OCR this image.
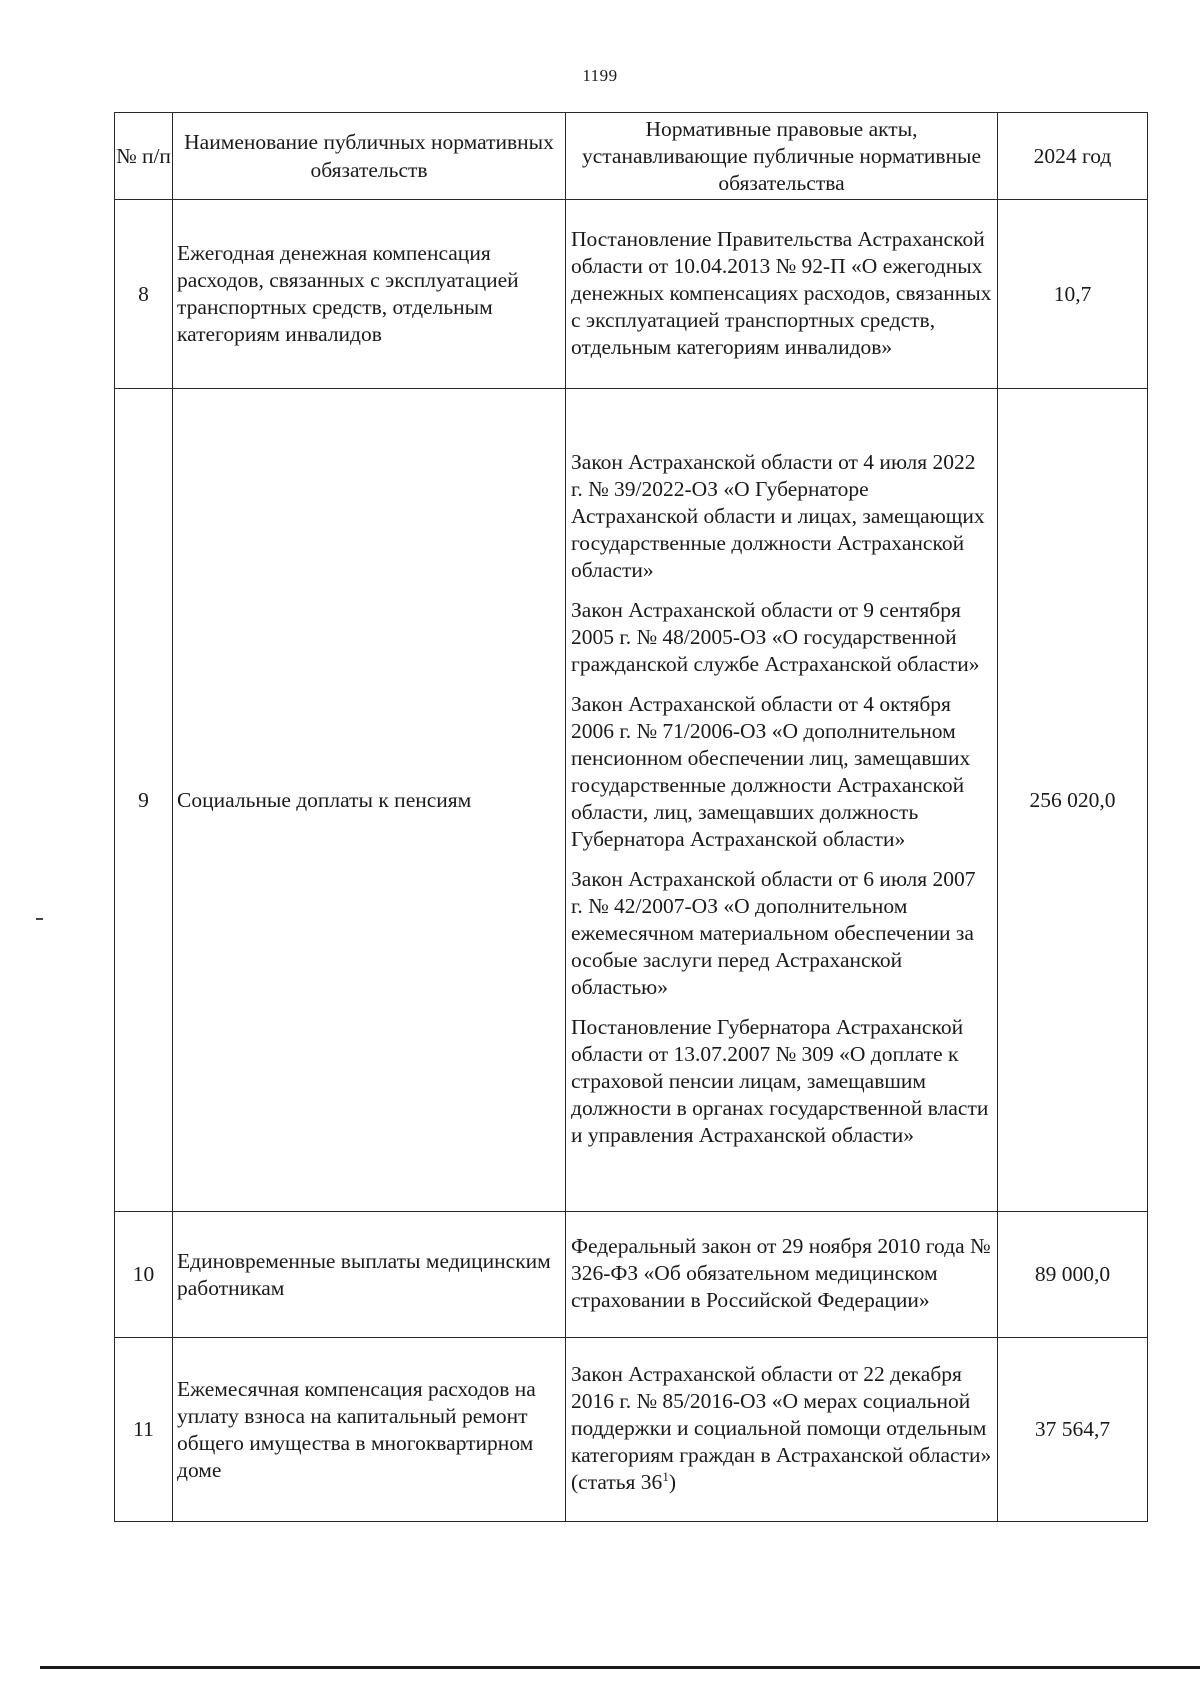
1199
№ п/п	Наименование публичных нормативных обязательств	Нормативные правовые акты, устанавливающие публичные нормативные обязательства	2024 год
8	Ежегодная денежная компенсация расходов, связанных с эксплуатацией транспортных средств, отдельным категориям инвалидов	Постановление Правительства Астраханской области от 10.04.2013 № 92-П «О ежегодных денежных компенсациях расходов, связанных с эксплуатацией транспортных средств, отдельным категориям инвалидов»	10,7
9	Социальные доплаты к пенсиям	Закон Астраханской области от 4 июля 2022 г. № 39/2022-ОЗ «О Губернаторе Астраханской области и лицах, замещающих государственные должности Астраханской области»
Закон Астраханской области от 9 сентября 2005 г. № 48/2005-ОЗ «О государственной гражданской службе Астраханской области»
Закон Астраханской области от 4 октября 2006 г. № 71/2006-ОЗ «О дополнительном пенсионном обеспечении лиц, замещавших государственные должности Астраханской области, лиц, замещавших должность Губернатора Астраханской области»
Закон Астраханской области от 6 июля 2007 г. № 42/2007-ОЗ «О дополнительном ежемесячном материальном обеспечении за особые заслуги перед Астраханской областью»
Постановление Губернатора Астраханской области от 13.07.2007 № 309 «О доплате к страховой пенсии лицам, замещавшим должности в органах государственной власти и управления Астраханской области»	256 020,0
10	Единовременные выплаты медицинским работникам	Федеральный закон от 29 ноября 2010 года № 326-ФЗ «Об обязательном медицинском страховании в Российской Федерации»	89 000,0
11	Ежемесячная компенсация расходов на уплату взноса на капитальный ремонт общего имущества в многоквартирном доме	Закон Астраханской области от 22 декабря 2016 г. № 85/2016-ОЗ «О мерах социальной поддержки и социальной помощи отдельным категориям граждан в Астраханской области» (статья $36^1$)	37 564,7
